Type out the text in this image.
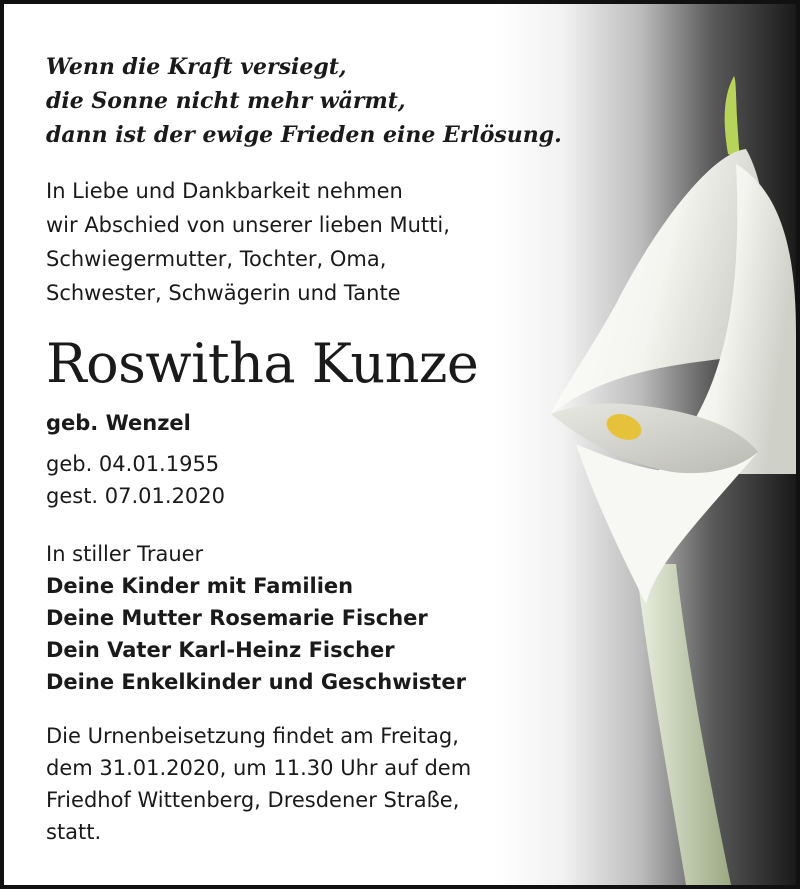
Wenn die Kraft versiegt,
die Sonne nicht mehr wärmt,
dann ist der ewige Frieden eine Erlösung.
In Liebe und Dankbarkeit nehmen
wir Abschied von unserer lieben Mutti,
Schwiegermutter, Tochter, Oma,
Schwester, Schwägerin und Tante
Roswitha Kunze
geb. Wenzel
geb. 04.01.1955
gest. 07.01.2020
In stiller Trauer
Deine Kinder mit Familien
Deine Mutter Rosemarie Fischer
Dein Vater Karl-Heinz Fischer
Deine Enkelkinder und Geschwister
Die Urnenbeisetzung findet am Freitag,
dem 31.01.2020, um 11.30 Uhr auf dem
Friedhof Wittenberg, Dresdener Straße,
statt.
